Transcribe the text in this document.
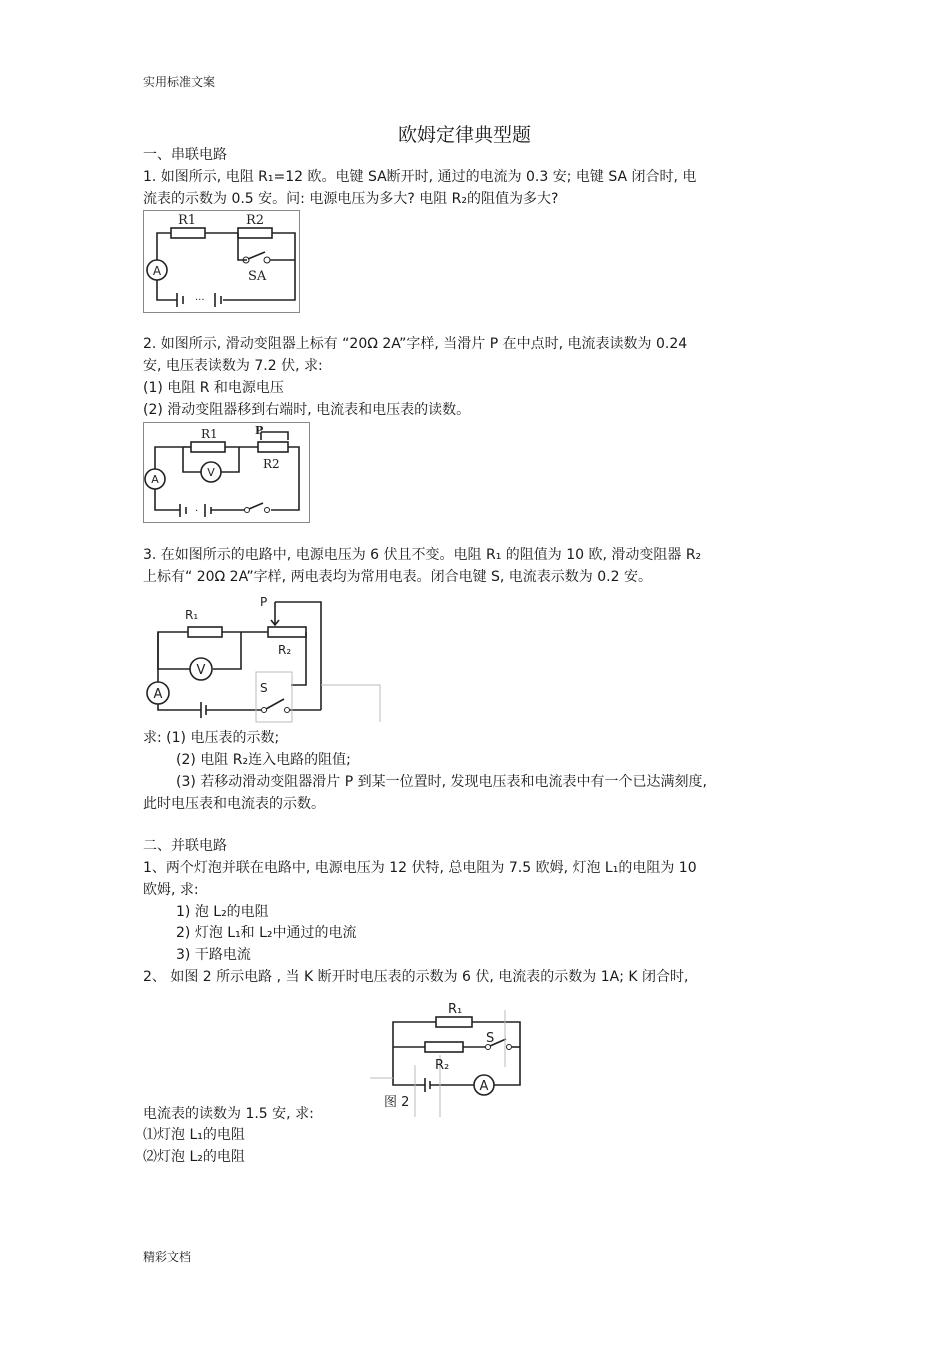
实用标准文案
精彩文档
欧姆定律典型题
一、串联电路
1. 如图所示, 电阻 R₁=12 欧。电键 SA断开时, 通过的电流为 0.3 安; 电键 SA 闭合时, 电
流表的示数为 0.5 安。问: 电源电压为多大? 电阻 R₂的阻值为多大?
A
···
R1	R2
SA
2. 如图所示, 滑动变阻器上标有 “20Ω 2A”字样, 当滑片 P 在中点时, 电流表读数为 0.24
安, 电压表读数为 7.2 伏, 求:
(1) 电阻 R 和电源电压
(2) 滑动变阻器移到右端时, 电流表和电压表的读数。
V
P
A
·
R1
R2
3. 在如图所示的电路中, 电源电压为 6 伏且不变。电阻 R₁ 的阻值为 10 欧, 滑动变阻器 R₂
上标有“ 20Ω 2A”字样, 两电表均为常用电表。闭合电键 S, 电流表示数为 0.2 安。
P
V
A
R₁
R₂
S
求: (1) 电压表的示数;
(2) 电阻 R₂连入电路的阻值;
(3) 若移动滑动变阻器滑片 P 到某一位置时, 发现电压表和电流表中有一个已达满刻度,
此时电压表和电流表的示数。
二、并联电路
1、两个灯泡并联在电路中, 电源电压为 12 伏特, 总电阻为 7.5 欧姆, 灯泡 L₁的电阻为 10
欧姆, 求:
1) 泡 L₂的电阻
2) 灯泡 L₁和 L₂中通过的电流
3) 干路电流
2、 如图 2 所示电路 , 当 K 断开时电压表的示数为 6 伏, 电流表的示数为 1A; K 闭合时,
A
R₁
R₂
S
图 2
电流表的读数为 1.5 安, 求:
⑴灯泡 L₁的电阻
⑵灯泡 L₂的电阻
